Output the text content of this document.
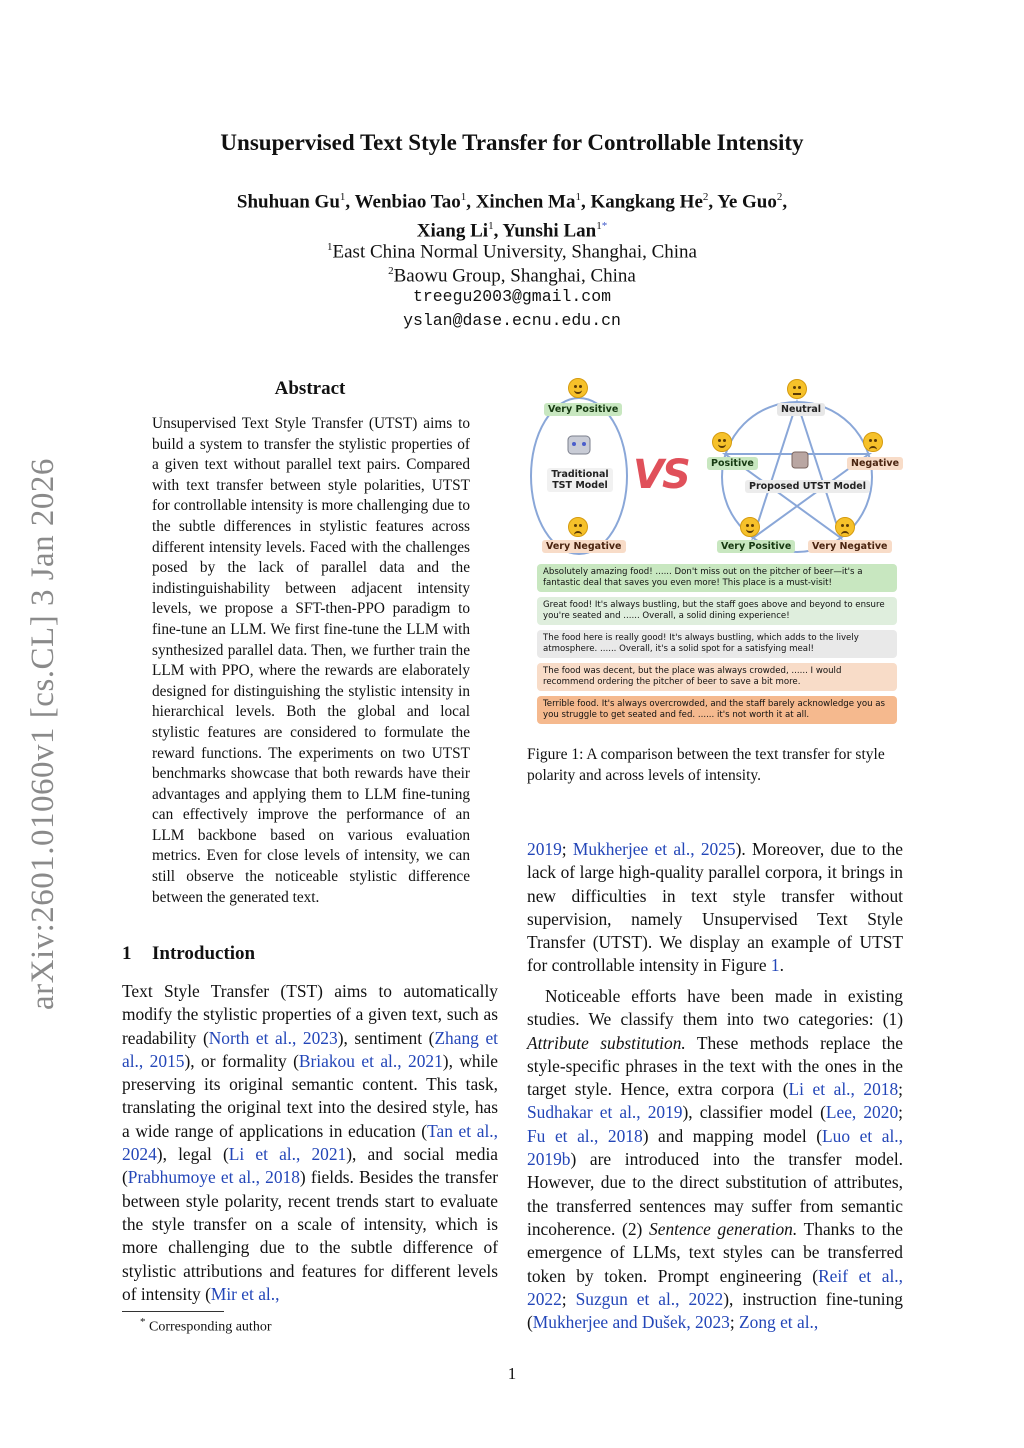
Unsupervised Text Style Transfer for Controllable Intensity
Shuhuan Gu$^1$, Wenbiao Tao$^1$, Xinchen Ma$^1$, Kangkang He$^2$, Ye Guo$^2$,
Xiang Li$^1$, Yunshi Lan$^{1*}$
$^1$East China Normal University, Shanghai, China
$^2$Baowu Group, Shanghai, China
treegu2003@gmail.com
yslan@dase.ecnu.edu.cn
arXiv:2601.01060v1 [cs.CL] 3 Jan 2026
Abstract
Unsupervised Text Style Transfer (UTST) aims to build a system to transfer the stylistic properties of a given text without parallel text pairs. Compared with text transfer between style polarities, UTST for controllable intensity is more challenging due to the subtle differences in stylistic features across different intensity levels. Faced with the challenges posed by the lack of parallel data and the indistinguishability between adjacent intensity levels, we propose a SFT-then-PPO paradigm to fine-tune an LLM. We first fine-tune the LLM with synthesized parallel data. Then, we further train the LLM with PPO, where the rewards are elaborately designed for distinguishing the stylistic intensity in hierarchical levels. Both the global and local stylistic features are considered to formulate the reward functions. The experiments on two UTST benchmarks showcase that both rewards have their advantages and applying them to LLM fine-tuning can effectively improve the performance of an LLM backbone based on various evaluation metrics. Even for close levels of intensity, we can still observe the noticeable stylistic difference between the generated text.
1 Introduction
Text Style Transfer (TST) aims to automatically modify the stylistic properties of a given text, such as readability (North et al., 2023), sentiment (Zhang et al., 2015), or formality (Briakou et al., 2021), while preserving its original semantic content. This task, translating the original text into the desired style, has a wide range of applications in education (Tan et al., 2024), legal (Li et al., 2021), and social media (Prabhumoye et al., 2018) fields. Besides the transfer between style polarity, recent trends start to evaluate the style transfer on a scale of intensity, which is more challenging due to the subtle difference of stylistic attributions and features for different levels of intensity (Mir et al.,
2019; Mukherjee et al., 2025). Moreover, due to the lack of large high-quality parallel corpora, it brings in new difficulties in text style transfer without supervision, namely Unsupervised Text Style Transfer (UTST). We display an example of UTST for controllable intensity in Figure 1.
Noticeable efforts have been made in existing studies. We classify them into two categories: (1) Attribute substitution. These methods replace the style-specific phrases in the text with the ones in the target style. Hence, extra corpora (Li et al., 2018; Sudhakar et al., 2019), classifier model (Lee, 2020; Fu et al., 2018) and mapping model (Luo et al., 2019b) are introduced into the transfer model. However, due to the direct substitution of attributes, the transferred sentences may suffer from semantic incoherence. (2) Sentence generation. Thanks to the emergence of LLMs, text styles can be transferred token by token. Prompt engineering (Reif et al., 2022; Suzgun et al., 2022), instruction fine-tuning (Mukherjee and Dušek, 2023; Zong et al.,
Very Positive
Traditional TST Model
Very Negative
VS
Neutral
Positive	Negative
Proposed UTST Model
Very Positive	Very Negative
Absolutely amazing food! ...... Don't miss out on the pitcher of beer—it's a fantastic deal that saves you even more! This place is a must-visit!
Great food! It's always bustling, but the staff goes above and beyond to ensure you're seated and ...... Overall, a solid dining experience!
The food here is really good! It's always bustling, which adds to the lively atmosphere. ...... Overall, it's a solid spot for a satisfying meal!
The food was decent, but the place was always crowded, ...... I would recommend ordering the pitcher of beer to save a bit more.
Terrible food. It's always overcrowded, and the staff barely acknowledge you as you struggle to get seated and fed. ...... it's not worth it at all.
Figure 1: A comparison between the text transfer for style polarity and across levels of intensity.
* Corresponding author
1
